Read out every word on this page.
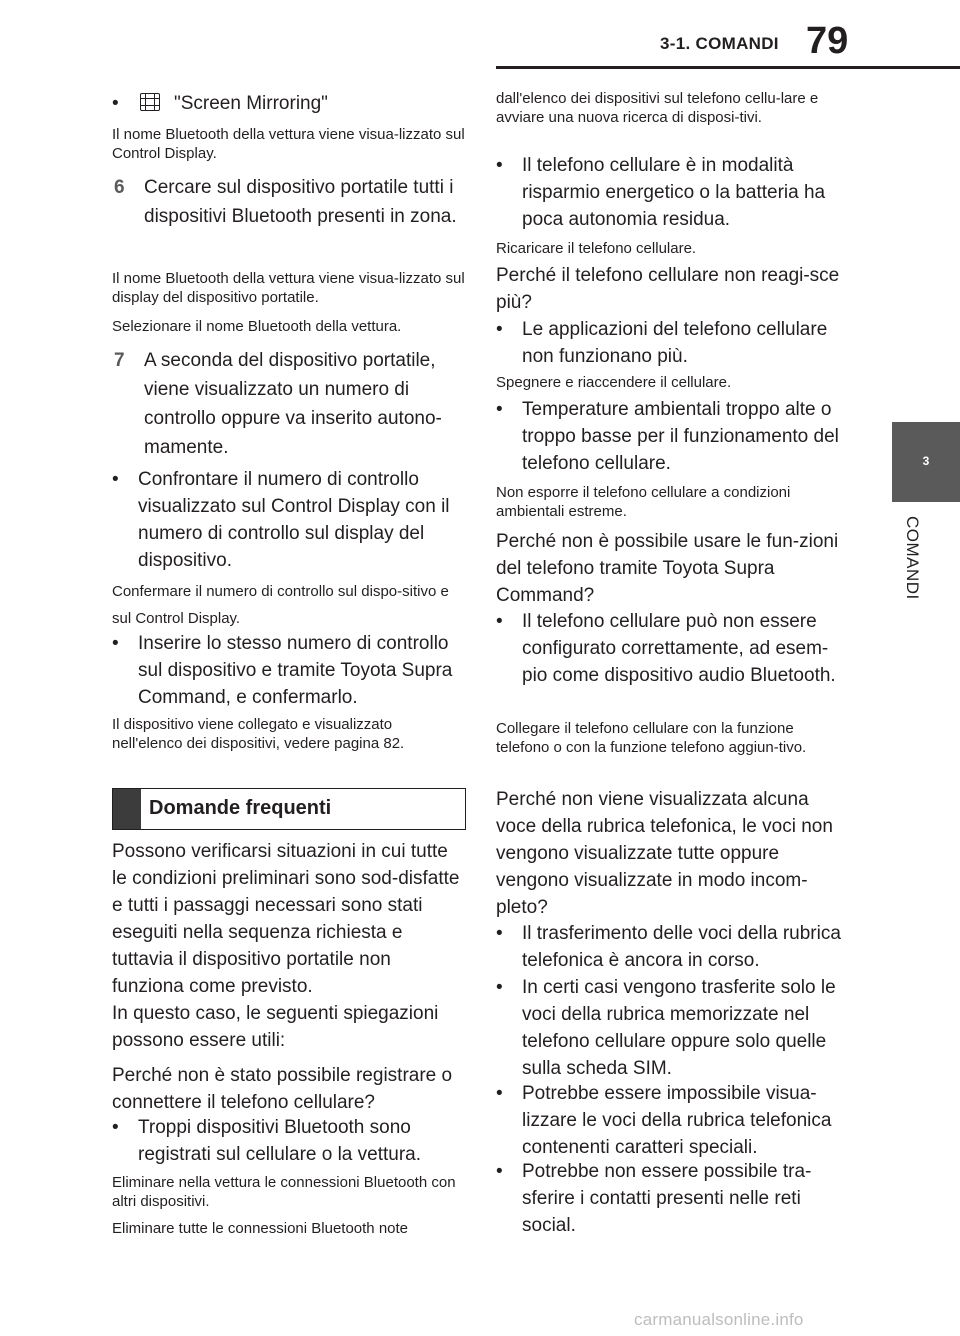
3-1. COMANDI 79
3
COMANDI
•	"Screen Mirroring"

Il nome Bluetooth della vettura viene visua-lizzato sul Control Display.

6 Cercare sul dispositivo portatile tutti i dispositivi Bluetooth presenti in zona.

Il nome Bluetooth della vettura viene visua-lizzato sul display del dispositivo portatile.

Selezionare il nome Bluetooth della vettura.

7 A seconda del dispositivo portatile, viene visualizzato un numero di controllo oppure va inserito autono-mamente.
• Confrontare il numero di controllo visualizzato sul Control Display con il numero di controllo sul display del dispositivo.

Confermare il numero di controllo sul dispo-sitivo e sul Control Display.

• Inserire lo stesso numero di controllo sul dispositivo e tramite Toyota Supra Command, e confermarlo.

Il dispositivo viene collegato e visualizzato nell'elenco dei dispositivi, vedere pagina 82.

Domande frequenti

Possono verificarsi situazioni in cui tutte le condizioni preliminari sono sod-disfatte e tutti i passaggi necessari sono stati eseguiti nella sequenza richiesta e tuttavia il dispositivo portatile non funziona come previsto.

In questo caso, le seguenti spiegazioni possono essere utili:

Perché non è stato possibile registrare o connettere il telefono cellulare?

• Troppi dispositivi Bluetooth sono registrati sul cellulare o la vettura.

Eliminare nella vettura le connessioni Bluetooth con altri dispositivi.

Eliminare tutte le connessioni Bluetooth note

dall'elenco dei dispositivi sul telefono cellu-lare e avviare una nuova ricerca di disposi-tivi.

• Il telefono cellulare è in modalità risparmio energetico o la batteria ha poca autonomia residua.

Ricaricare il telefono cellulare.

Perché il telefono cellulare non reagi-sce più?

• Le applicazioni del telefono cellulare non funzionano più.

Spegnere e riaccendere il cellulare.

• Temperature ambientali troppo alte o troppo basse per il funzionamento del telefono cellulare.

Non esporre il telefono cellulare a condizioni ambientali estreme.

Perché non è possibile usare le fun-zioni del telefono tramite Toyota Supra Command?

• Il telefono cellulare può non essere configurato correttamente, ad esem-pio come dispositivo audio Bluetooth.

Collegare il telefono cellulare con la funzione telefono o con la funzione telefono aggiun-tivo.

Perché non viene visualizzata alcuna voce della rubrica telefonica, le voci non vengono visualizzate tutte oppure vengono visualizzate in modo incom-pleto?

• Il trasferimento delle voci della rubrica telefonica è ancora in corso.
• In certi casi vengono trasferite solo le voci della rubrica memorizzate nel telefono cellulare oppure solo quelle sulla scheda SIM.
• Potrebbe essere impossibile visua-lizzare le voci della rubrica telefonica contenenti caratteri speciali.
• Potrebbe non essere possibile tra-sferire i contatti presenti nelle reti social.
carmanualsonline.info
